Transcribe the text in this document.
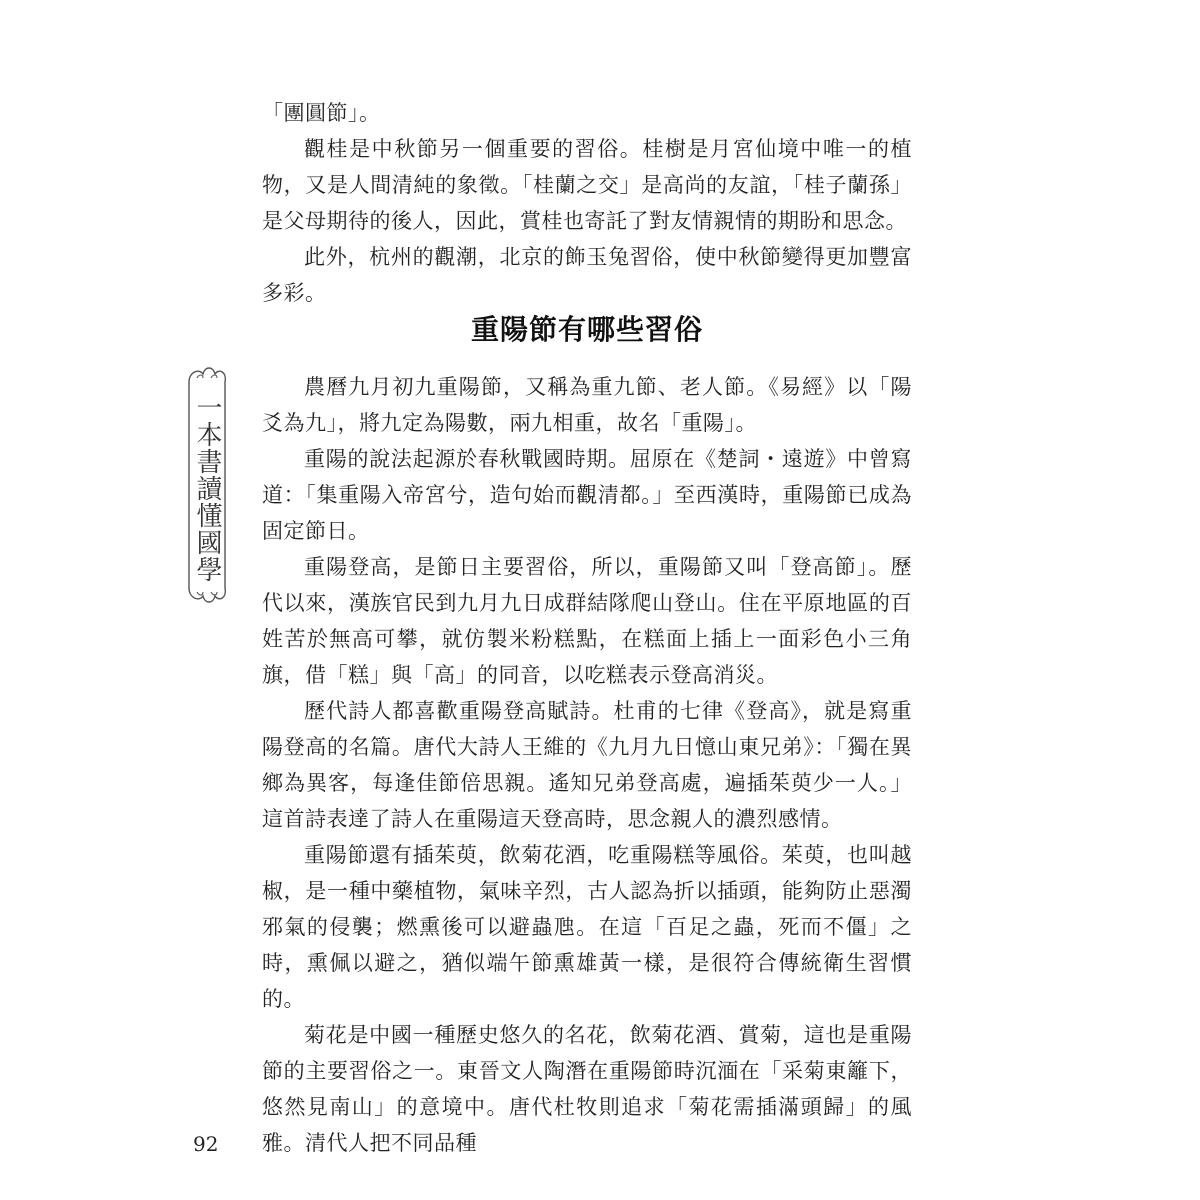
「團圓節」。

觀桂是中秋節另一個重要的習俗。桂樹是月宮仙境中唯一的植物，又是人間清純的象徵。「桂蘭之交」是高尚的友誼，「桂子蘭孫」是父母期待的後人，因此，賞桂也寄託了對友情親情的期盼和思念。

此外，杭州的觀潮，北京的飾玉兔習俗，使中秋節變得更加豐富多彩。

重陽節有哪些習俗

農曆九月初九重陽節，又稱為重九節、老人節。《易經》以「陽爻為九」，將九定為陽數，兩九相重，故名「重陽」。

重陽的說法起源於春秋戰國時期。屈原在《楚詞・遠遊》中曾寫道：「集重陽入帝宮兮，造句始而觀清都。」至西漢時，重陽節已成為固定節日。

重陽登高，是節日主要習俗，所以，重陽節又叫「登高節」。歷代以來，漢族官民到九月九日成群結隊爬山登山。住在平原地區的百姓苦於無高可攀，就仿製米粉糕點，在糕面上插上一面彩色小三角旗，借「糕」與「高」的同音，以吃糕表示登高消災。

歷代詩人都喜歡重陽登高賦詩。杜甫的七律《登高》，就是寫重陽登高的名篇。唐代大詩人王維的《九月九日憶山東兄弟》：「獨在異鄉為異客，每逢佳節倍思親。遙知兄弟登高處，遍插茱萸少一人。」這首詩表達了詩人在重陽這天登高時，思念親人的濃烈感情。

重陽節還有插茱萸，飲菊花酒，吃重陽糕等風俗。茱萸，也叫越椒，是一種中藥植物，氣味辛烈，古人認為折以插頭，能夠防止惡濁邪氣的侵襲；燃熏後可以避蟲虺。在這「百足之蟲，死而不僵」之時，熏佩以避之，猶似端午節熏雄黃一樣，是很符合傳統衛生習慣的。

菊花是中國一種歷史悠久的名花，飲菊花酒、賞菊，這也是重陽節的主要習俗之一。東晉文人陶潛在重陽節時沉湎在「采菊東籬下，悠然見南山」的意境中。唐代杜牧則追求「菊花需插滿頭歸」的風雅。清代人把不同品種

一本書讀懂國學
92
